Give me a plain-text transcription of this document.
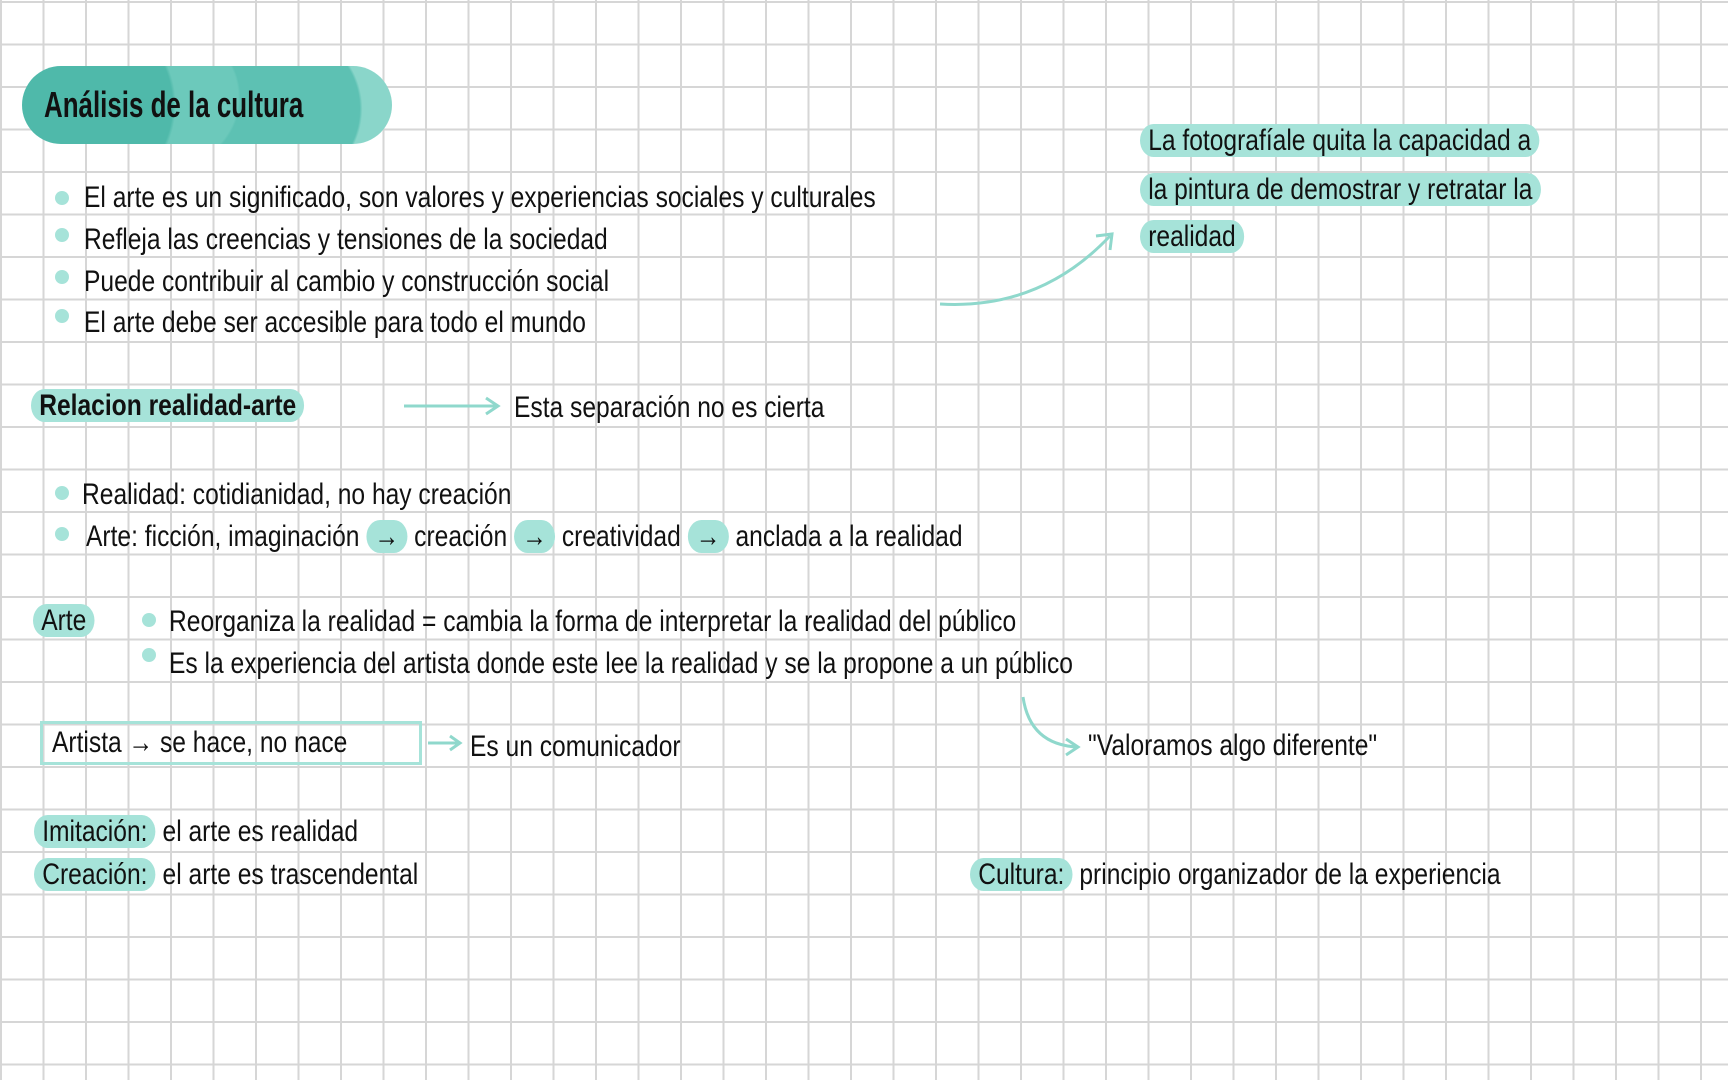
Análisis de la cultura
El arte es un significado, son valores y experiencias sociales y culturales
Refleja las creencias y tensiones de la sociedad
Puede contribuir al cambio y construcción social
El arte debe ser accesible para todo el mundo
La fotografíale quita la capacidad a
la pintura de demostrar y retratar la
realidad
Relacion realidad-arte	Esta separación no es cierta
Realidad: cotidianidad, no hay creación
Arte: ficción, imaginación → creación → creatividad → anclada a la realidad
Arte	Reorganiza la realidad = cambia la forma de interpretar la realidad del público
Es la experiencia del artista donde este lee la realidad y se la propone a un público
Artista → se hace, no nace	Es un comunicador	"Valoramos algo diferente"
Imitación: el arte es realidad
Creación: el arte es trascendental	Cultura: principio organizador de la experiencia
